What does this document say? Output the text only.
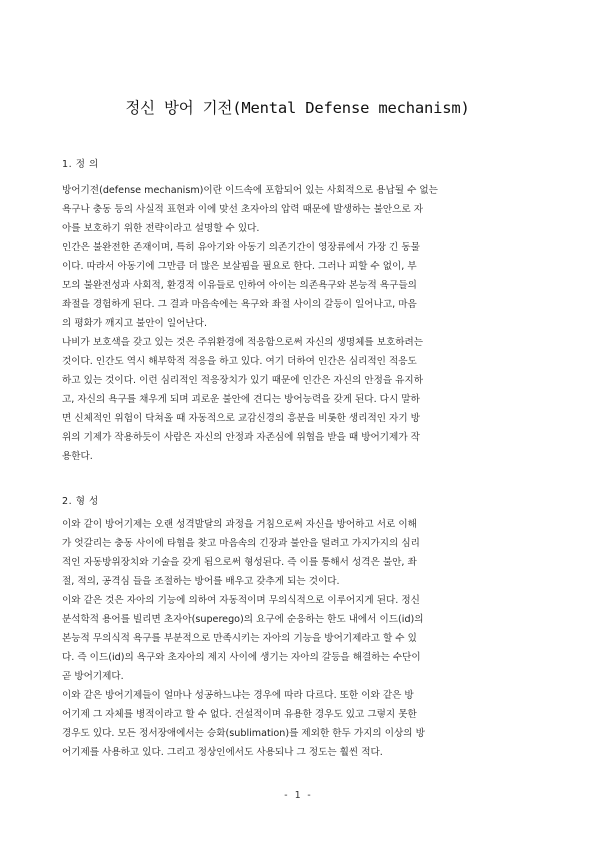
정신 방어 기전(Mental Defense mechanism)
1. 정 의
방어기전(defense mechanism)이란 이드속에 포함되어 있는 사회적으로 용납될 수 없는
욕구나 충동 등의 사실적 표현과 이에 맞선 초자아의 압력 때문에 발생하는 불안으로 자
아를 보호하기 위한 전략이라고 설명할 수 있다.
인간은 불완전한 존재이며, 특히 유아기와 아동기 의존기간이 영장류에서 가장 긴 동물
이다. 따라서 아동기에 그만큼 더 많은 보살핌을 필요로 한다. 그러나 피할 수 없이, 부
모의 불완전성과 사회적, 환경적 이유들로 인하여 아이는 의존욕구와 본능적 욕구들의
좌절을 경험하게 된다. 그 결과 마음속에는 욕구와 좌절 사이의 갈등이 일어나고, 마음
의 평화가 깨지고 불안이 일어난다.
나비가 보호색을 갖고 있는 것은 주위환경에 적응함으로써 자신의 생명체를 보호하려는
것이다. 인간도 역시 해부학적 적응을 하고 있다. 여기 더하여 인간은 심리적인 적응도
하고 있는 것이다. 이런 심리적인 적응장치가 있기 때문에 인간은 자신의 안정을 유지하
고, 자신의 욕구를 채우게 되며 괴로운 불안에 견디는 방어능력을 갖게 된다. 다시 말하
면 신체적인 위험이 닥쳐올 때 자동적으로 교감신경의 흥분을 비롯한 생리적인 자기 방
위의 기제가 작용하듯이 사람은 자신의 안정과 자존심에 위협을 받을 때 방어기제가 작
용한다.
2. 형 성
이와 같이 방어기제는 오랜 성격발달의 과정을 거침으로써 자신을 방어하고 서로 이해
가 엇갈리는 충동 사이에 타협을 찾고 마음속의 긴장과 불안을 덜려고 가지가지의 심리
적인 자동방위장치와 기술을 갖게 됨으로써 형성된다. 즉 이를 통해서 성격은 불안, 좌
절, 적의, 공격심 들을 조절하는 방어를 배우고 갖추게 되는 것이다.
이와 같은 것은 자아의 기능에 의하여 자동적이며 무의식적으로 이루어지게 된다. 정신
분석학적 용어를 빌리면 초자아(superego)의 요구에 순응하는 한도 내에서 이드(id)의
본능적 무의식적 욕구를 부분적으로 만족시키는 자아의 기능을 방어기제라고 할 수 있
다. 즉 이드(id)의 욕구와 초자아의 제지 사이에 생기는 자아의 갈등을 해결하는 수단이
곧 방어기제다.
이와 같은 방어기제들이 얼마나 성공하느냐는 경우에 따라 다르다. 또한 이와 같은 방
어기제 그 자체를 병적이라고 할 수 없다. 건설적이며 유용한 경우도 있고 그렇지 못한
경우도 있다. 모든 정서장애에서는 승화(sublimation)를 제외한 한두 가지의 이상의 방
어기제를 사용하고 있다. 그리고 정상인에서도 사용되나 그 정도는 훨씬 적다.
- 1 -
